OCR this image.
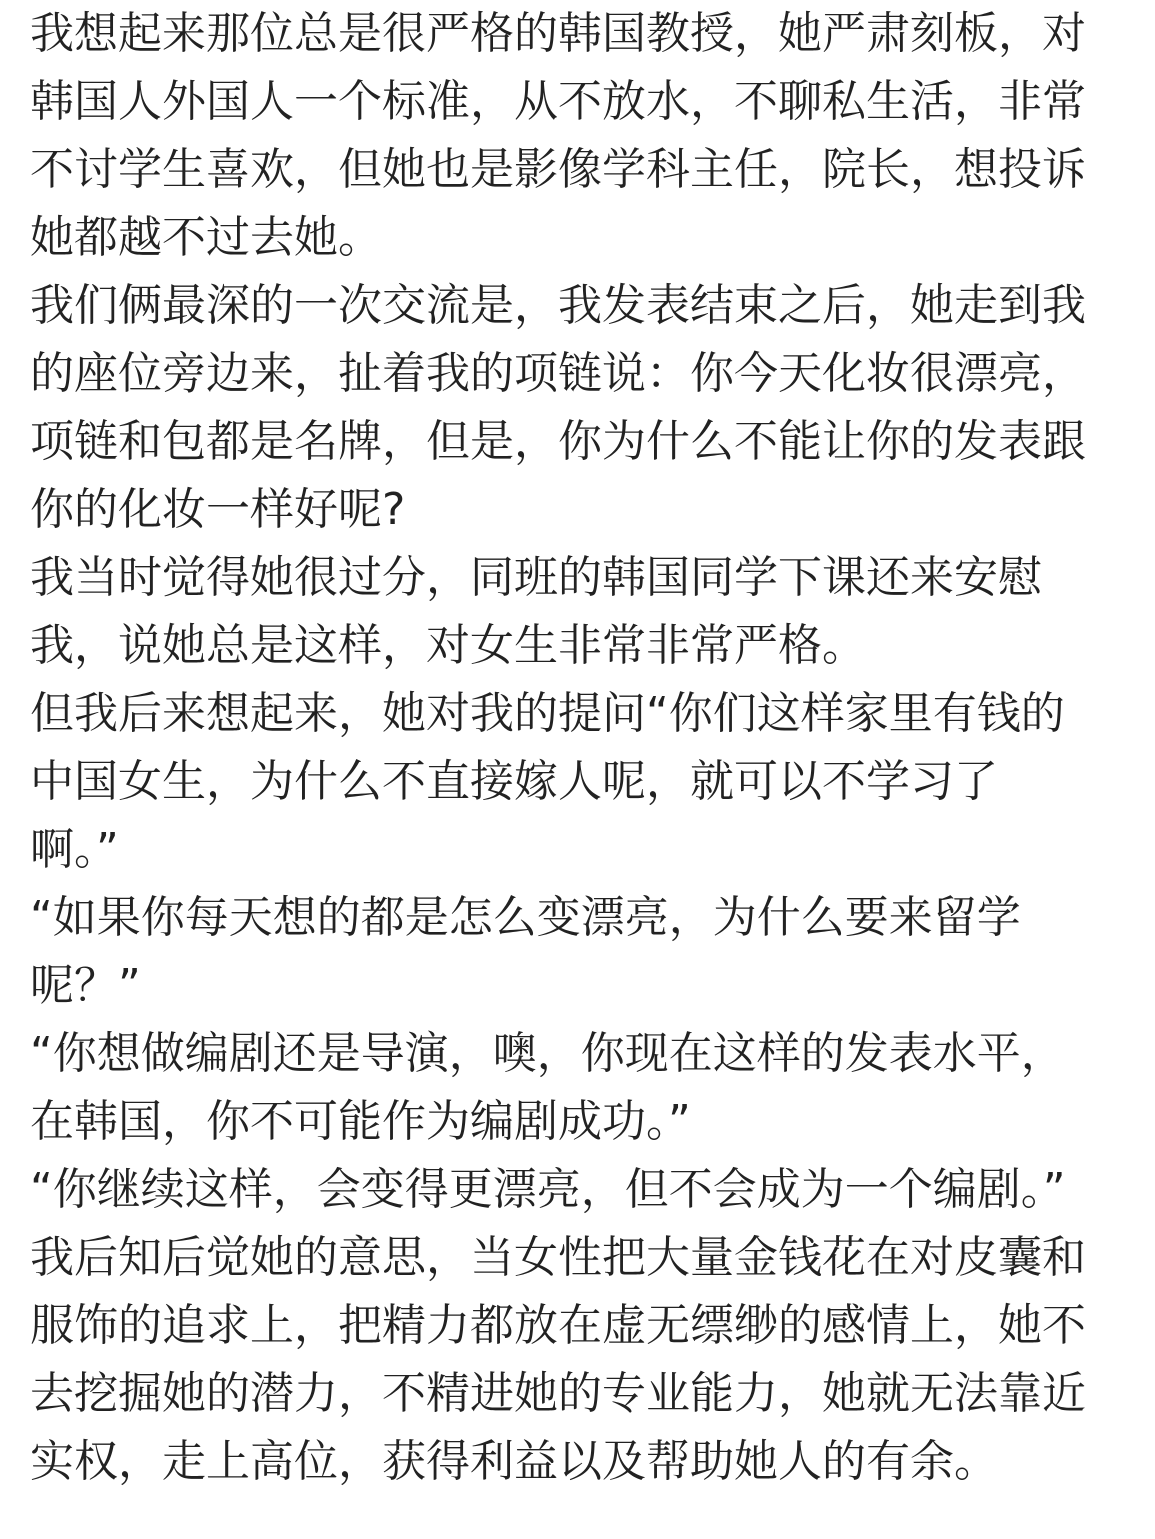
我想起来那位总是很严格的韩国教授，她严肃刻板，对
韩国人外国人一个标准，从不放水，不聊私生活，非常
不讨学生喜欢，但她也是影像学科主任，院长，想投诉
她都越不过去她。
我们俩最深的一次交流是，我发表结束之后，她走到我
的座位旁边来，扯着我的项链说：你今天化妆很漂亮，
项链和包都是名牌，但是，你为什么不能让你的发表跟
你的化妆一样好呢?
我当时觉得她很过分，同班的韩国同学下课还来安慰
我，说她总是这样，对女生非常非常严格。
但我后来想起来，她对我的提问“你们这样家里有钱的
中国女生，为什么不直接嫁人呢，就可以不学习了
啊。”
“如果你每天想的都是怎么变漂亮，为什么要来留学
呢？”
“你想做编剧还是导演，噢，你现在这样的发表水平，
在韩国，你不可能作为编剧成功。”
“你继续这样，会变得更漂亮，但不会成为一个编剧。”
我后知后觉她的意思，当女性把大量金钱花在对皮囊和
服饰的追求上，把精力都放在虚无缥缈的感情上，她不
去挖掘她的潜力，不精进她的专业能力，她就无法靠近
实权，走上高位，获得利益以及帮助她人的有余。
